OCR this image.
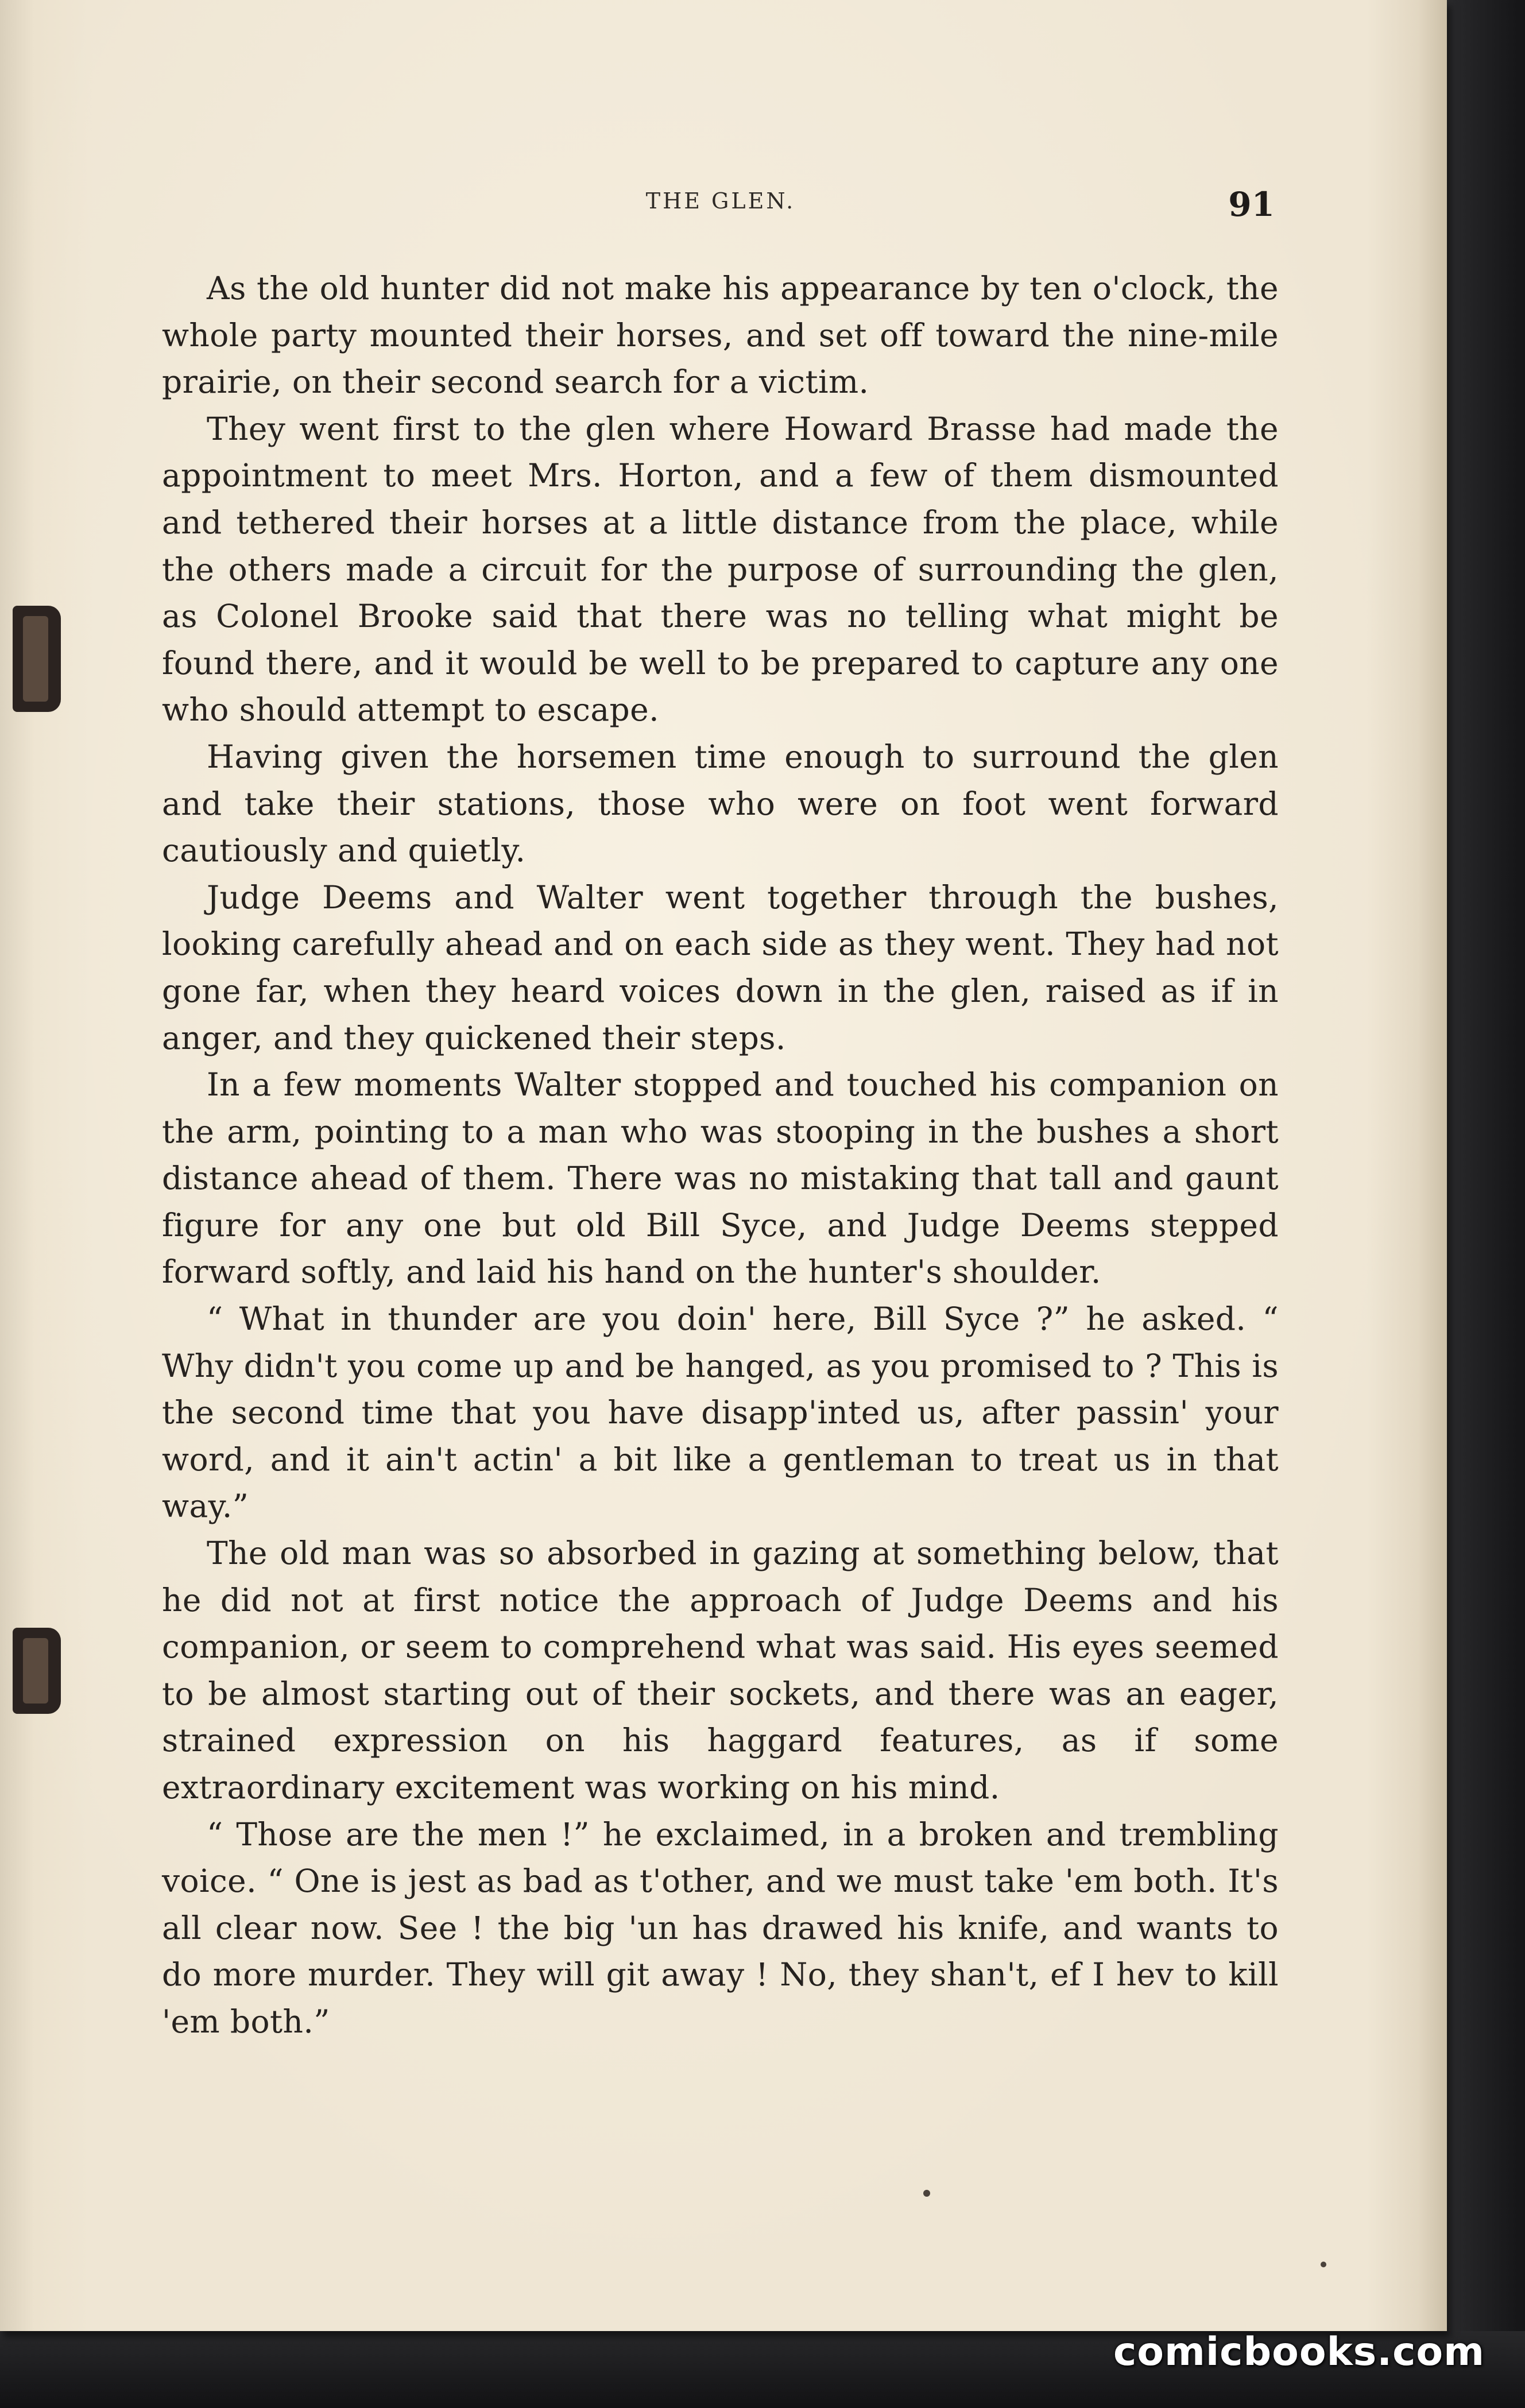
THE GLEN.	91

As the old hunter did not make his appearance by ten o'clock, the whole party mounted their horses, and set off toward the nine-mile prairie, on their second search for a victim.

They went first to the glen where Howard Brasse had made the appointment to meet Mrs. Horton, and a few of them dismounted and tethered their horses at a little distance from the place, while the others made a circuit for the purpose of surrounding the glen, as Colonel Brooke said that there was no telling what might be found there, and it would be well to be prepared to capture any one who should attempt to escape.

Having given the horsemen time enough to surround the glen and take their stations, those who were on foot went forward cautiously and quietly.

Judge Deems and Walter went together through the bushes, looking carefully ahead and on each side as they went. They had not gone far, when they heard voices down in the glen, raised as if in anger, and they quickened their steps.

In a few moments Walter stopped and touched his companion on the arm, pointing to a man who was stooping in the bushes a short distance ahead of them. There was no mistaking that tall and gaunt figure for any one but old Bill Syce, and Judge Deems stepped forward softly, and laid his hand on the hunter's shoulder.

“ What in thunder are you doin' here, Bill Syce ?” he asked. “ Why didn't you come up and be hanged, as you promised to ? This is the second time that you have disapp'inted us, after passin' your word, and it ain't actin' a bit like a gentleman to treat us in that way.”

The old man was so absorbed in gazing at something below, that he did not at first notice the approach of Judge Deems and his companion, or seem to comprehend what was said. His eyes seemed to be almost starting out of their sockets, and there was an eager, strained expression on his haggard features, as if some extraordinary excitement was working on his mind.

“ Those are the men !” he exclaimed, in a broken and trembling voice. “ One is jest as bad as t'other, and we must take 'em both. It's all clear now. See ! the big 'un has drawed his knife, and wants to do more murder. They will git away ! No, they shan't, ef I hev to kill 'em both.”

comicbooks.com
